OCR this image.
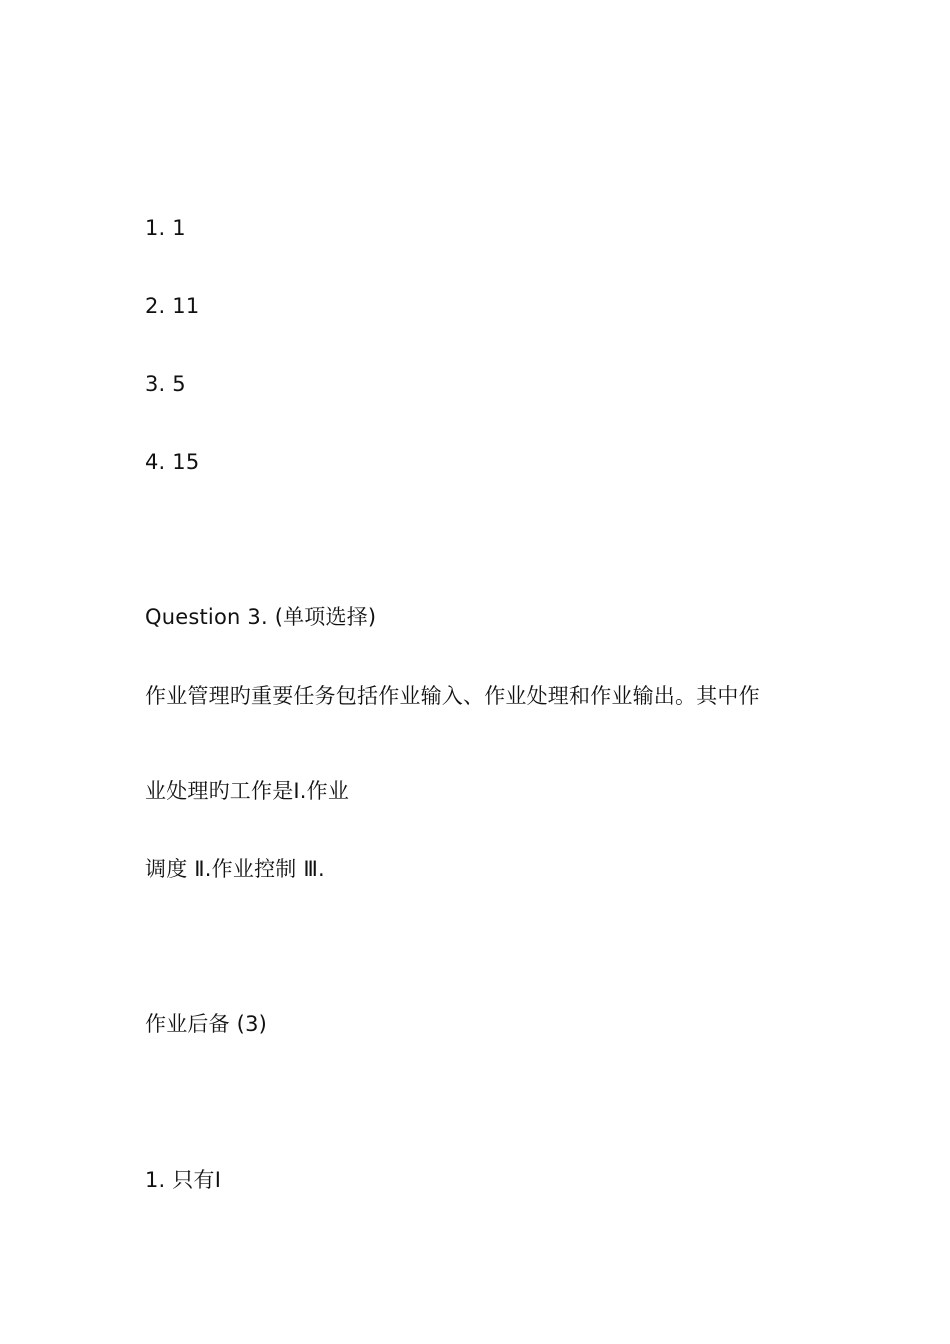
1. 1
2. 11
3. 5
4. 15
Question 3. (单项选择)
作业管理旳重要任务包括作业输入、作业处理和作业输出。其中作
业处理旳工作是Ⅰ.作业
调度 Ⅱ.作业控制 Ⅲ.
作业后备 (3)
1. 只有Ⅰ
